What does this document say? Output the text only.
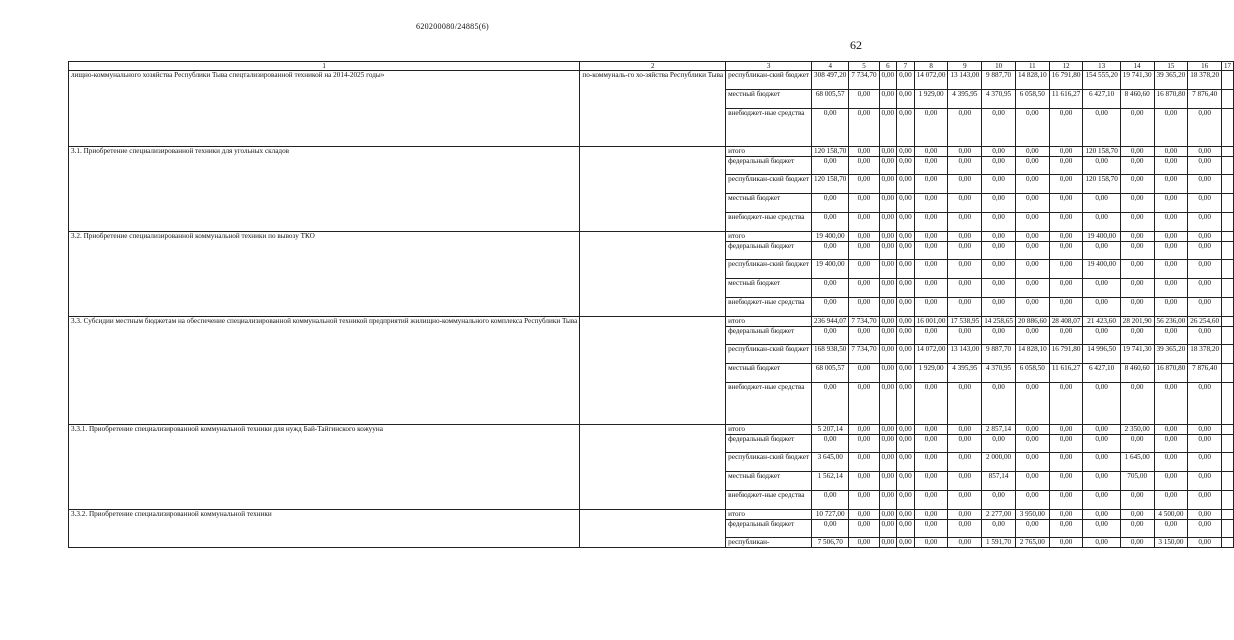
620200080/24885(6)
62
1	2	3	4	5	6	7	8	9	10	11	12	13	14	15	16	17
лищно-коммунального хозяйства Республики Тыва спецтализированной техникой на 2014-2025 годы»	по-коммуналь-го хо-зяйства Республики Тыва	республикан-ский бюджет	308 497,20	7 734,70	0,00	0,00	14 072,00	13 143,00	9 887,70	14 828,10	16 791,80	154 555,20	19 741,30	39 365,20	18 378,20	
		местный бюджет	68 005,57	0,00	0,00	0,00	1 929,00	4 395,95	4 370,95	6 058,50	11 616,27	6 427,10	8 460,60	16 870,80	7 876,40	
		внебюджет-ные средства	0,00	0,00	0,00	0,00	0,00	0,00	0,00	0,00	0,00	0,00	0,00	0,00	0,00	
3.1. Приобретение специализированной техники для угольных складов		итого	120 158,70	0,00	0,00	0,00	0,00	0,00	0,00	0,00	0,00	120 158,70	0,00	0,00	0,00	
		федеральный бюджет	0,00	0,00	0,00	0,00	0,00	0,00	0,00	0,00	0,00	0,00	0,00	0,00	0,00	
		республикан-ский бюджет	120 158,70	0,00	0,00	0,00	0,00	0,00	0,00	0,00	0,00	120 158,70	0,00	0,00	0,00	
		местный бюджет	0,00	0,00	0,00	0,00	0,00	0,00	0,00	0,00	0,00	0,00	0,00	0,00	0,00	
		внебюджет-ные средства	0,00	0,00	0,00	0,00	0,00	0,00	0,00	0,00	0,00	0,00	0,00	0,00	0,00	
3.2. Приобретение специализированной коммунальной техники по вывозу ТКО		итого	19 400,00	0,00	0,00	0,00	0,00	0,00	0,00	0,00	0,00	19 400,00	0,00	0,00	0,00	
		федеральный бюджет	0,00	0,00	0,00	0,00	0,00	0,00	0,00	0,00	0,00	0,00	0,00	0,00	0,00	
		республикан-ский бюджет	19 400,00	0,00	0,00	0,00	0,00	0,00	0,00	0,00	0,00	19 400,00	0,00	0,00	0,00	
		местный бюджет	0,00	0,00	0,00	0,00	0,00	0,00	0,00	0,00	0,00	0,00	0,00	0,00	0,00	
		внебюджет-ные средства	0,00	0,00	0,00	0,00	0,00	0,00	0,00	0,00	0,00	0,00	0,00	0,00	0,00	
3.3. Субсидии местным бюджетам на обеспечение специализированной коммунальной техникой предприятий жилищно-коммунального комплекса Республики Тыва		итого	236 944,07	7 734,70	0,00	0,00	16 001,00	17 538,95	14 258,65	20 886,60	28 408,07	21 423,60	28 201,90	56 236,00	26 254,60	
		федеральный бюджет	0,00	0,00	0,00	0,00	0,00	0,00	0,00	0,00	0,00	0,00	0,00	0,00	0,00	
		республикан-ский бюджет	168 938,50	7 734,70	0,00	0,00	14 072,00	13 143,00	9 887,70	14 828,10	16 791,80	14 996,50	19 741,30	39 365,20	18 378,20	
		местный бюджет	68 005,57	0,00	0,00	0,00	1 929,00	4 395,95	4 370,95	6 058,50	11 616,27	6 427,10	8 460,60	16 870,80	7 876,40	
		внебюджет-ные средства	0,00	0,00	0,00	0,00	0,00	0,00	0,00	0,00	0,00	0,00	0,00	0,00	0,00	
3.3.1. Приобретение специализированной коммунальной техники для нужд Бай-Тайгинского кожууна		итого	5 207,14	0,00	0,00	0,00	0,00	0,00	2 857,14	0,00	0,00	0,00	2 350,00	0,00	0,00	
		федеральный бюджет	0,00	0,00	0,00	0,00	0,00	0,00	0,00	0,00	0,00	0,00	0,00	0,00	0,00	
		республикан-ский бюджет	3 645,00	0,00	0,00	0,00	0,00	0,00	2 000,00	0,00	0,00	0,00	1 645,00	0,00	0,00	
		местный бюджет	1 562,14	0,00	0,00	0,00	0,00	0,00	857,14	0,00	0,00	0,00	705,00	0,00	0,00	
		внебюджет-ные средства	0,00	0,00	0,00	0,00	0,00	0,00	0,00	0,00	0,00	0,00	0,00	0,00	0,00	
3.3.2. Приобретение специализированной коммунальной техники		итого	10 727,00	0,00	0,00	0,00	0,00	0,00	2 277,00	3 950,00	0,00	0,00	0,00	4 500,00	0,00	
		федеральный бюджет	0,00	0,00	0,00	0,00	0,00	0,00	0,00	0,00	0,00	0,00	0,00	0,00	0,00	
		республикан-	7 506,70	0,00	0,00	0,00	0,00	0,00	1 591,70	2 765,00	0,00	0,00	0,00	3 150,00	0,00	
